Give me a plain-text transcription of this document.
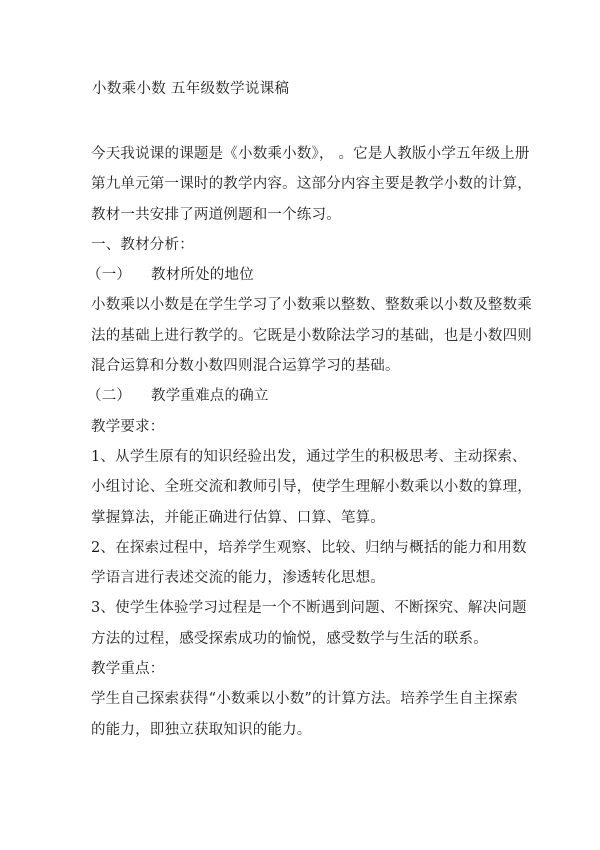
小数乘小数 五年级数学说课稿
今天我说课的课题是《小数乘小数》， 。它是人教版小学五年级上册
第九单元第一课时的教学内容。这部分内容主要是教学小数的计算，
教材一共安排了两道例题和一个练习。
一、教材分析：
（一）	教材所处的地位
小数乘以小数是在学生学习了小数乘以整数、整数乘以小数及整数乘
法的基础上进行教学的。它既是小数除法学习的基础，也是小数四则
混合运算和分数小数四则混合运算学习的基础。
（二）	教学重难点的确立
教学要求：
1、从学生原有的知识经验出发，通过学生的积极思考、主动探索、
小组讨论、全班交流和教师引导，使学生理解小数乘以小数的算理，
掌握算法，并能正确进行估算、口算、笔算。
2、在探索过程中，培养学生观察、比较、归纳与概括的能力和用数
学语言进行表述交流的能力，渗透转化思想。
3、使学生体验学习过程是一个不断遇到问题、不断探究、解决问题
方法的过程，感受探索成功的愉悦，感受数学与生活的联系。
教学重点：
学生自己探索获得“小数乘以小数”的计算方法。培养学生自主探索
的能力，即独立获取知识的能力。
